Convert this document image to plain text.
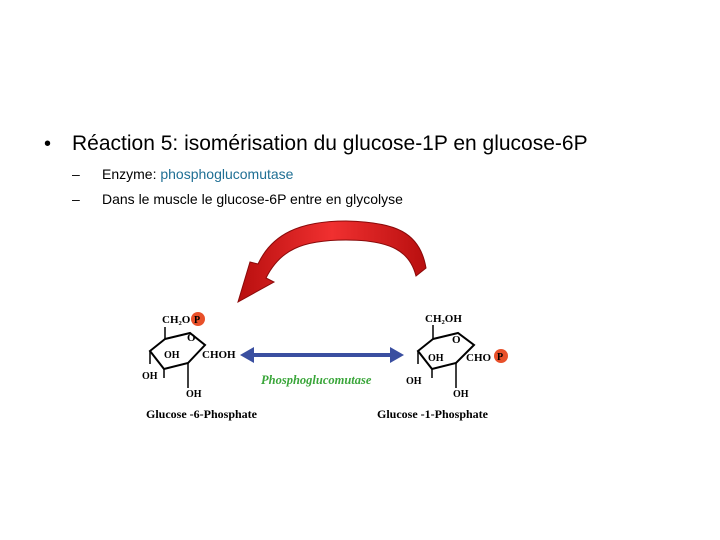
• Réaction 5: isomérisation du glucose-1P en glucose-6P
–	Enzyme: phosphoglucomutase
–	Dans le muscle le glucose-6P entre en glycolyse
CH₂O P
O
OH CHOH
OH
OH
Glucose -6-Phosphate
Phosphoglucomutase
CH₂OH
O
OH CHO P
OH
OH
Glucose -1-Phosphate
